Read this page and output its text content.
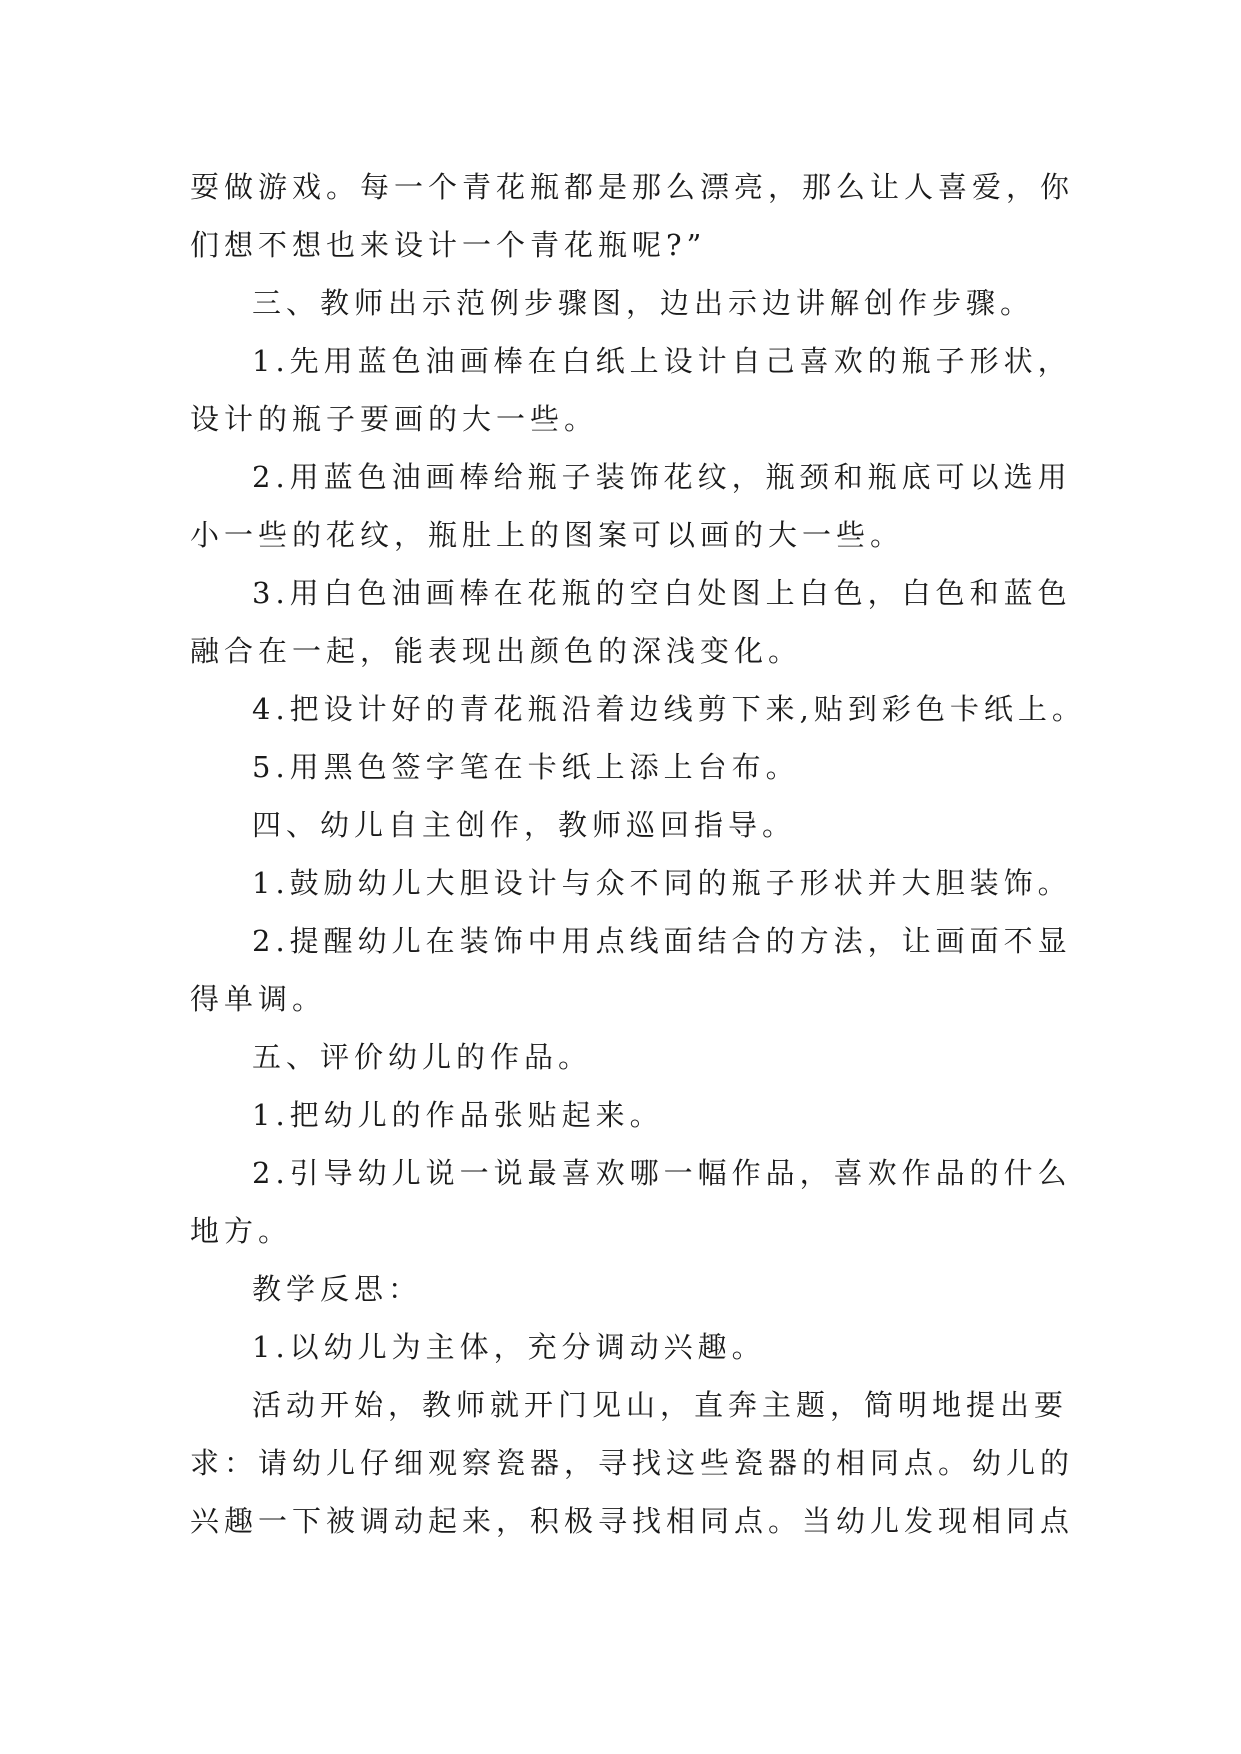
耍做游戏。每一个青花瓶都是那么漂亮，那么让人喜爱，你
们想不想也来设计一个青花瓶呢?”
三、教师出示范例步骤图，边出示边讲解创作步骤。
1.先用蓝色油画棒在白纸上设计自己喜欢的瓶子形状，
设计的瓶子要画的大一些。
2.用蓝色油画棒给瓶子装饰花纹，瓶颈和瓶底可以选用
小一些的花纹，瓶肚上的图案可以画的大一些。
3.用白色油画棒在花瓶的空白处图上白色，白色和蓝色
融合在一起，能表现出颜色的深浅变化。
4.把设计好的青花瓶沿着边线剪下来,贴到彩色卡纸上。
5.用黑色签字笔在卡纸上添上台布。
四、幼儿自主创作，教师巡回指导。
1.鼓励幼儿大胆设计与众不同的瓶子形状并大胆装饰。
2.提醒幼儿在装饰中用点线面结合的方法，让画面不显
得单调。
五、评价幼儿的作品。
1.把幼儿的作品张贴起来。
2.引导幼儿说一说最喜欢哪一幅作品，喜欢作品的什么
地方。
教学反思：
1.以幼儿为主体，充分调动兴趣。
活动开始，教师就开门见山，直奔主题，简明地提出要
求：请幼儿仔细观察瓷器，寻找这些瓷器的相同点。幼儿的
兴趣一下被调动起来，积极寻找相同点。当幼儿发现相同点
